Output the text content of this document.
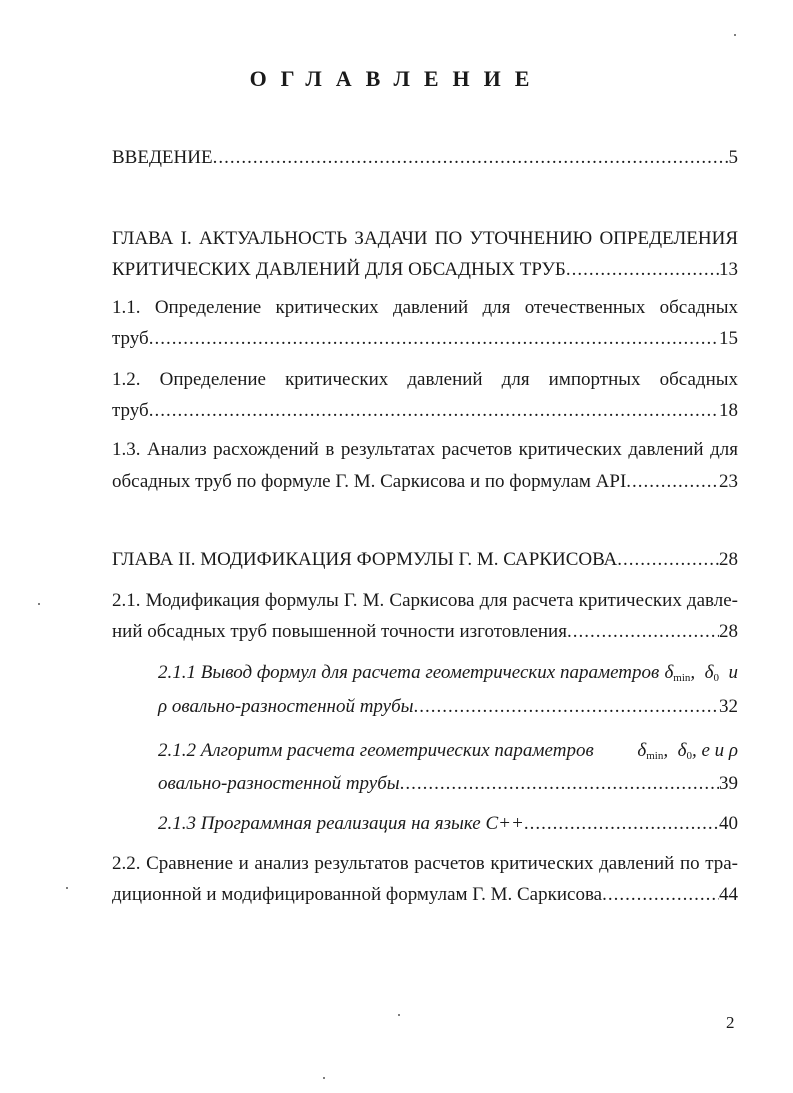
ОГЛАВЛЕНИЕ
ВВЕДЕНИЕ .....	5
ГЛАВА I. АКТУАЛЬНОСТЬ ЗАДАЧИ ПО УТОЧНЕНИЮ ОПРЕДЕЛЕНИЯ
КРИТИЧЕСКИХ ДАВЛЕНИЙ ДЛЯ ОБСАДНЫХ ТРУБ .....	13
1.1. Определение критических давлений для отечественных обсадных
труб .....	15
1.2. Определение критических давлений для импортных обсадных
труб .....	18
1.3. Анализ расхождений в результатах расчетов критических давлений для
обсадных труб по формуле Г. М. Саркисова и по формулам API .....	23
ГЛАВА II. МОДИФИКАЦИЯ ФОРМУЛЫ Г. М. САРКИСОВА .....	28
2.1. Модификация формулы Г. М. Саркисова для расчета критических давле-
ний обсадных труб повышенной точности изготовления .....	28
2.1.1 Вывод формул для расчета геометрических параметров δmin, δ0 и
ρ овально-разностенной трубы .....	32
2.1.2 Алгоритм расчета геометрических параметров δmin, δ0, e и ρ
овально-разностенной трубы .....	39
2.1.3 Программная реализация на языке С++ .....	40
2.2. Сравнение и анализ результатов расчетов критических давлений по тра-
диционной и модифицированной формулам Г. М. Саркисова .....	44
2
